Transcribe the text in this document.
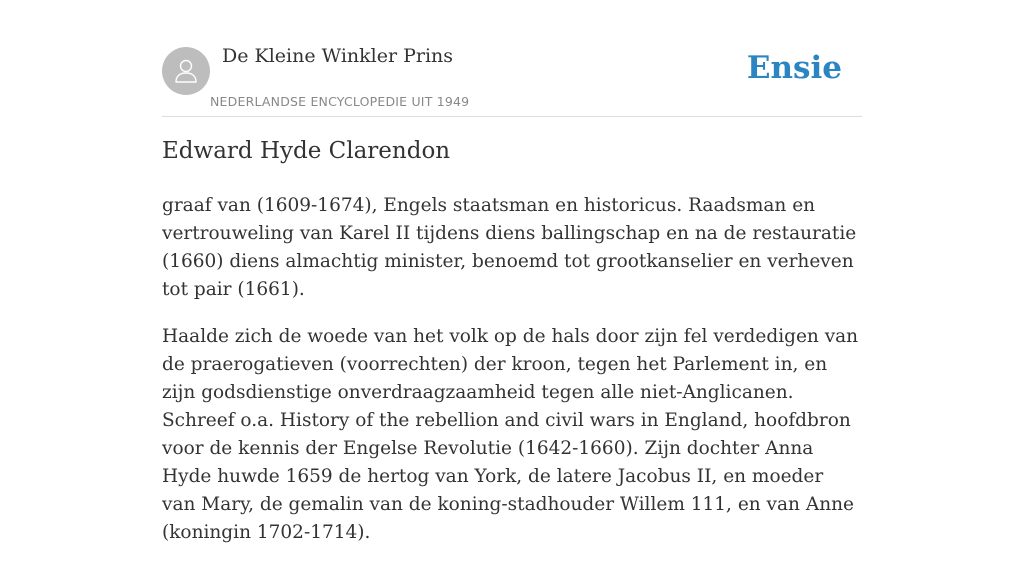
De Kleine Winkler Prins
NEDERLANDSE ENCYCLOPEDIE UIT 1949
Ensie
Edward Hyde Clarendon

graaf van (1609-1674), Engels staatsman en historicus. Raadsman en vertrouweling van Karel II tijdens diens ballingschap en na de restauratie (1660) diens almachtig minister, benoemd tot grootkanselier en verheven tot pair (1661).

Haalde zich de woede van het volk op de hals door zijn fel verdedigen van de praerogatieven (voorrechten) der kroon, tegen het Parlement in, en zijn godsdienstige onverdraagzaamheid tegen alle niet-Anglicanen. Schreef o.a. History of the rebellion and civil wars in England, hoofdbron voor de kennis der Engelse Revolutie (1642-1660). Zijn dochter Anna Hyde huwde 1659 de hertog van York, de latere Jacobus II, en moeder van Mary, de gemalin van de koning-stadhouder Willem 111, en van Anne (koningin 1702-1714).
